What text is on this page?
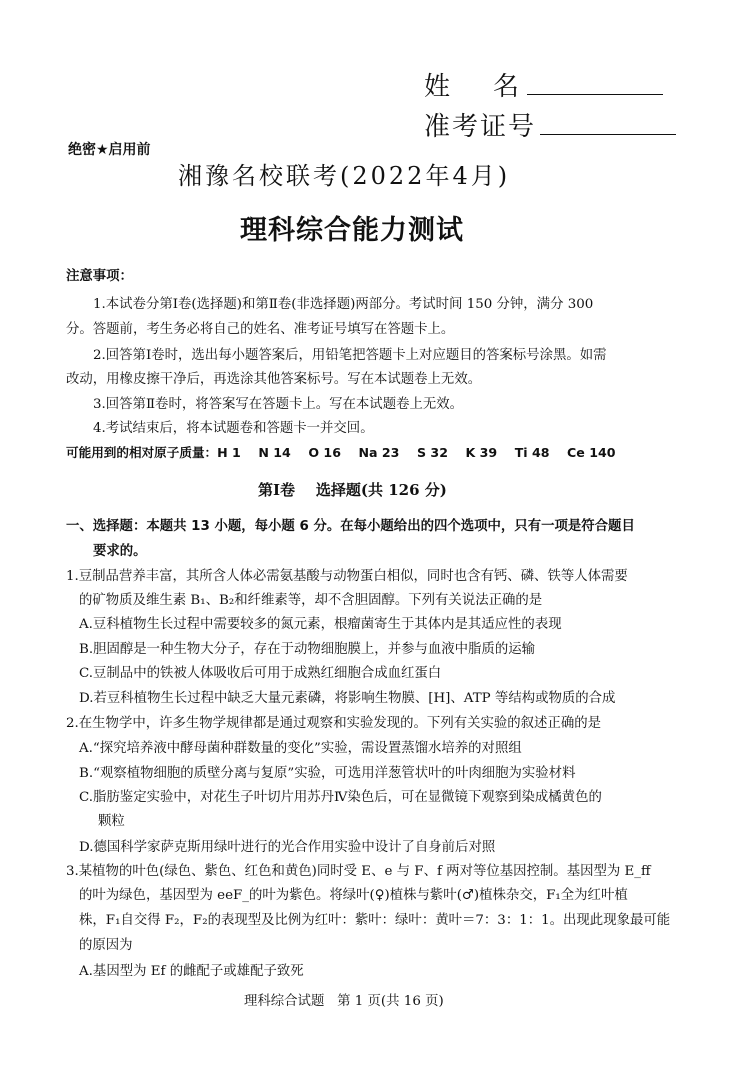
姓    名
准考证号
绝密★启用前
湘豫名校联考(2022年4月)
理科综合能力测试
注意事项：
1.本试卷分第Ⅰ卷(选择题)和第Ⅱ卷(非选择题)两部分。考试时间 150 分钟，满分 300
分。答题前，考生务必将自己的姓名、准考证号填写在答题卡上。
2.回答第Ⅰ卷时，选出每小题答案后，用铅笔把答题卡上对应题目的答案标号涂黑。如需
改动，用橡皮擦干净后，再选涂其他答案标号。写在本试题卷上无效。
3.回答第Ⅱ卷时，将答案写在答题卡上。写在本试题卷上无效。
4.考试结束后，将本试题卷和答题卡一并交回。
可能用到的相对原子质量：H 1    N 14    O 16    Na 23    S 32    K 39    Ti 48    Ce 140
第Ⅰ卷    选择题(共 126 分)
一、选择题：本题共 13 小题，每小题 6 分。在每小题给出的四个选项中，只有一项是符合题目
要求的。
1.豆制品营养丰富，其所含人体必需氨基酸与动物蛋白相似，同时也含有钙、磷、铁等人体需要
的矿物质及维生素 B₁、B₂和纤维素等，却不含胆固醇。下列有关说法正确的是
A.豆科植物生长过程中需要较多的氮元素，根瘤菌寄生于其体内是其适应性的表现
B.胆固醇是一种生物大分子，存在于动物细胞膜上，并参与血液中脂质的运输
C.豆制品中的铁被人体吸收后可用于成熟红细胞合成血红蛋白
D.若豆科植物生长过程中缺乏大量元素磷，将影响生物膜、[H]、ATP 等结构或物质的合成
2.在生物学中，许多生物学规律都是通过观察和实验发现的。下列有关实验的叙述正确的是
A.“探究培养液中酵母菌种群数量的变化”实验，需设置蒸馏水培养的对照组
B.“观察植物细胞的质壁分离与复原”实验，可选用洋葱管状叶的叶肉细胞为实验材料
C.脂肪鉴定实验中，对花生子叶切片用苏丹Ⅳ染色后，可在显微镜下观察到染成橘黄色的
颗粒
D.德国科学家萨克斯用绿叶进行的光合作用实验中设计了自身前后对照
3.某植物的叶色(绿色、紫色、红色和黄色)同时受 E、e 与 F、f 两对等位基因控制。基因型为 E_ff
的叶为绿色，基因型为 eeF_的叶为紫色。将绿叶(♀)植株与紫叶(♂)植株杂交，F₁全为红叶植
株，F₁自交得 F₂，F₂的表现型及比例为红叶：紫叶：绿叶：黄叶＝7：3：1：1。出现此现象最可能
的原因为
A.基因型为 Ef 的雌配子或雄配子致死
理科综合试题   第 1 页(共 16 页)
